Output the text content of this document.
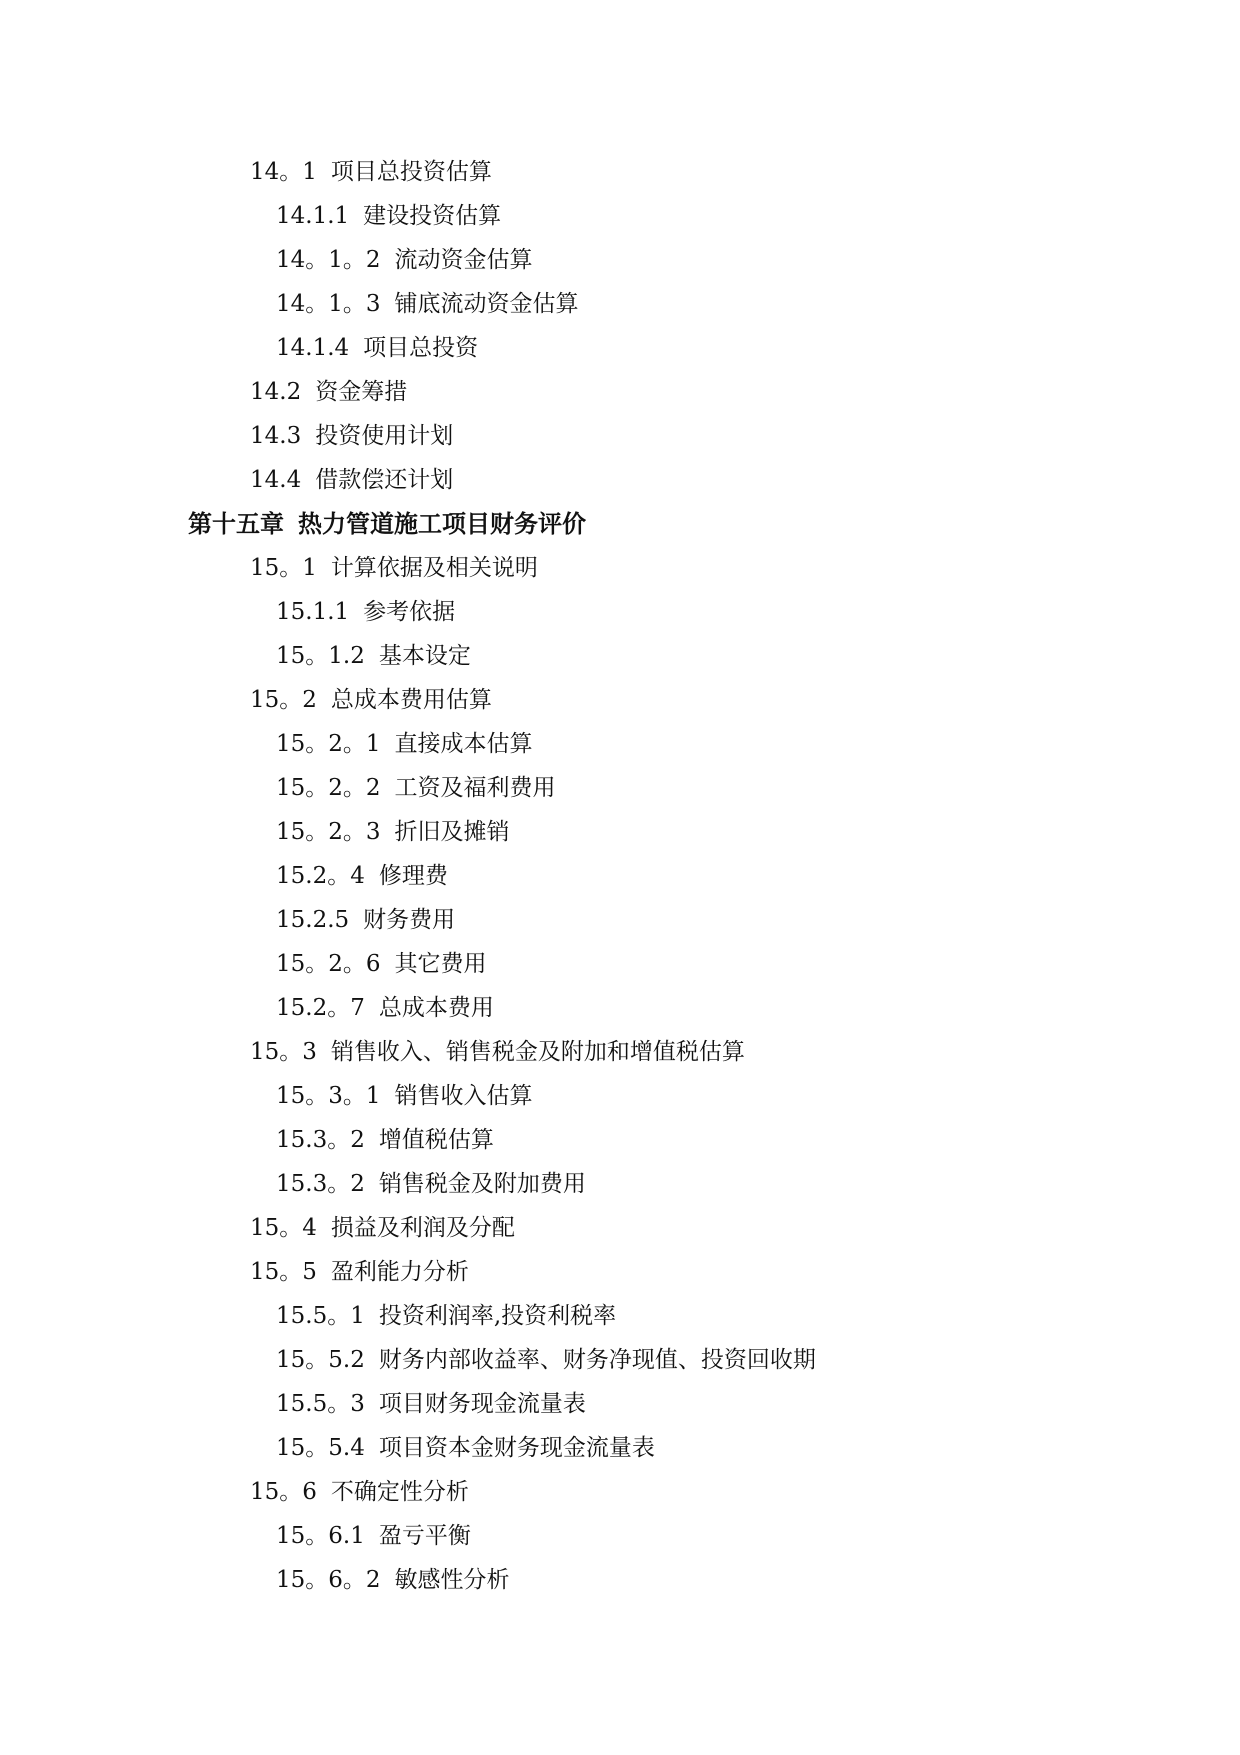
14。1 项目总投资估算
14.1.1 建设投资估算
14。1。2 流动资金估算
14。1。3 铺底流动资金估算
14.1.4 项目总投资
14.2 资金筹措
14.3 投资使用计划
14.4 借款偿还计划
第十五章 热力管道施工项目财务评价
15。1 计算依据及相关说明
15.1.1 参考依据
15。1.2 基本设定
15。2 总成本费用估算
15。2。1 直接成本估算
15。2。2 工资及福利费用
15。2。3 折旧及摊销
15.2。4 修理费
15.2.5 财务费用
15。2。6 其它费用
15.2。7 总成本费用
15。3 销售收入、销售税金及附加和增值税估算
15。3。1 销售收入估算
15.3。2 增值税估算
15.3。2 销售税金及附加费用
15。4 损益及利润及分配
15。5 盈利能力分析
15.5。1 投资利润率,投资利税率
15。5.2 财务内部收益率、财务净现值、投资回收期
15.5。3 项目财务现金流量表
15。5.4 项目资本金财务现金流量表
15。6 不确定性分析
15。6.1 盈亏平衡
15。6。2 敏感性分析
